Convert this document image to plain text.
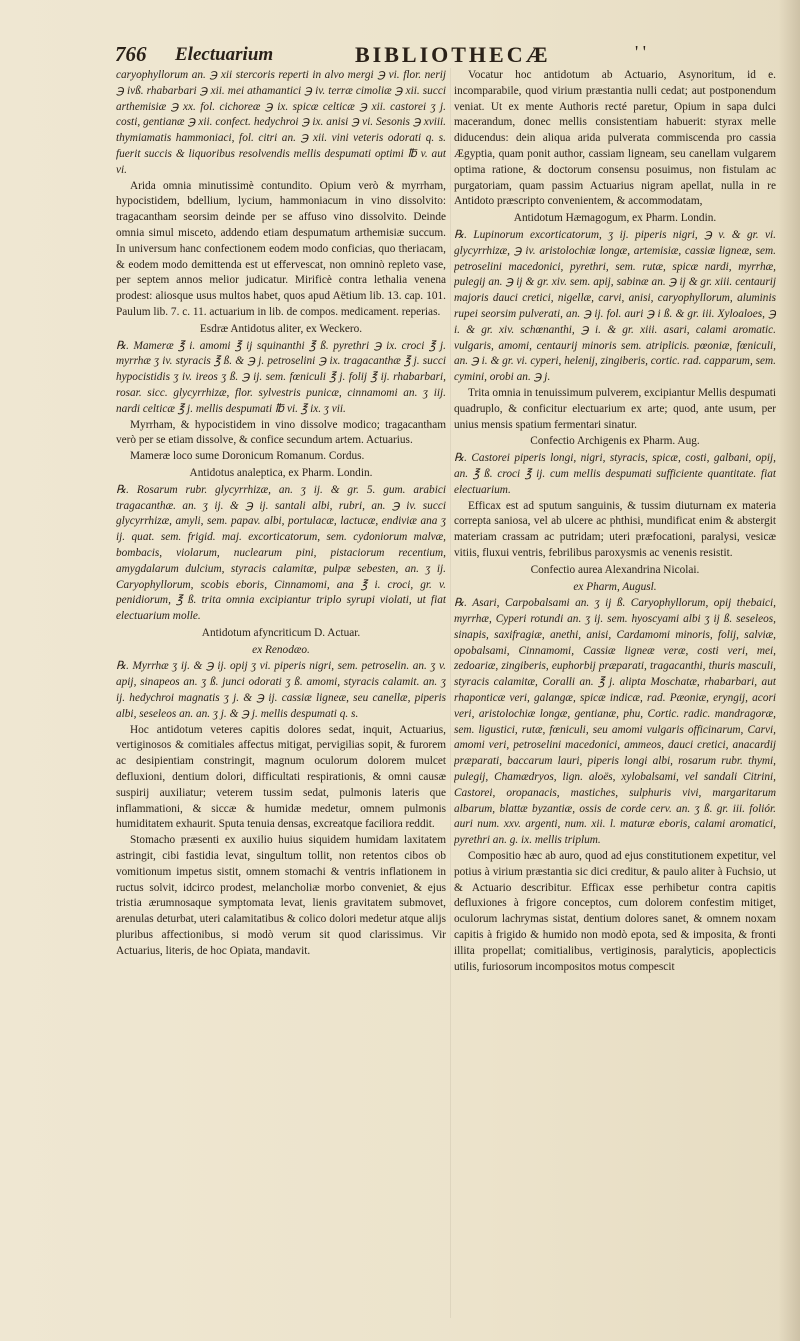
766 Electuarium	BIBLIOTHECÆ	' '

caryophyllorum an. ℈ xii stercoris reperti in alvo mergi ℈ vi. flor. nerij ℈ ivß. rhabarbari ℈ xii. mei athamantici ℈ iv. terræ cimoliæ ℈ xii. succi arthemisiæ ℈ xx. fol. cichoreæ ℈ ix. spicæ celticæ ℈ xii. castorei ʒ j. costi, gentianæ ℈ xii. confect. hedychroi ℈ ix. anisi ℈ vi. Sesonis ℈ xviii. thymiamatis hammoniaci, fol. citri an. ℈ xii. vini veteris odorati q. s. fuerit succis & liquoribus resolvendis mellis despumati optimi ℔ v. aut vi.

Arida omnia minutissimè contundito. Opium verò & myrrham, hypocistidem, bdellium, lycium, hammoniacum in vino dissolvito: tragacantham seorsim deinde per se affuso vino dissolvito. Deinde omnia simul misceto, addendo etiam despumatum arthemisiæ succum. In universum hanc confectionem eodem modo conficias, quo theriacam, & eodem modo demittenda est ut effervescat, non omninò repleto vase, per septem annos melior judicatur. Mirificè contra lethalia venena prodest: aliosque usus multos habet, quos apud Aëtium lib. 13. cap. 101. Paulum lib. 7. c. 11. actuarium in lib. de compos. medicament. reperias.

Esdræ Antidotus aliter, ex Weckero.

℞. Mameræ ℥ i. amomi ℥ ij squinanthi ℥ ß. pyrethri ℈ ix. croci ℥ j. myrrhæ ʒ iv. styracis ℥ ß. & ℈ j. petroselini ℈ ix. tragacanthæ ℥ j. succi hypocistidis ʒ iv. ireos ʒ ß. ℈ ij. sem. fœniculi ℥ j. folij ℥ ij. rhabarbari, rosar. sicc. glycyrrhizæ, flor. sylvestris punicæ, cinnamomi an. ʒ iij. nardi celticæ ℥ j. mellis despumati ℔ vi. ℥ ix. ʒ vii.

Myrrham, & hypocistidem in vino dissolve modico; tragacantham verò per se etiam dissolve, & confice secundum artem. Actuarius.

Mameræ loco sume Doronicum Romanum. Cordus.

Antidotus analeptica, ex Pharm. Londin.

℞. Rosarum rubr. glycyrrhizæ, an. ʒ ij. & gr. 5. gum. arabici tragacanthæ. an. ʒ ij. & ℈ ij. santali albi, rubri, an. ℈ iv. succi glycyrrhizæ, amyli, sem. papav. albi, portulacæ, lactucæ, endiviæ ana ʒ ij. quat. sem. frigid. maj. excorticatorum, sem. cydoniorum malvæ, bombacis, violarum, nuclearum pini, pistaciorum recentium, amygdalarum dulcium, styracis calamitæ, pulpæ sebesten, an. ʒ ij. Caryophyllorum, scobis eboris, Cinnamomi, ana ℥ i. croci, gr. v. penidiorum, ℥ ß. trita omnia excipiantur triplo syrupi violati, ut fiat electuarium molle.

Antidotum afyncriticum D. Actuar.

ex Renodæo.

℞. Myrrhæ ʒ ij. & ℈ ij. opij ʒ vi. piperis nigri, sem. petroselin. an. ʒ v. apij, sinapeos an. ʒ ß. junci odorati ʒ ß. amomi, styracis calamit. an. ʒ ij. hedychroi magnatis ʒ j. & ℈ ij. cassiæ ligneæ, seu canellæ, piperis albi, seseleos an. an. ʒ j. & ℈ j. mellis despumati q. s.

Hoc antidotum veteres capitis dolores sedat, inquit, Actuarius, vertiginosos & comitiales affectus mitigat, pervigilias sopit, & furorem ac desipientiam constringit, magnum oculorum dolorem mulcet defluxioni, dentium dolori, difficultati respirationis, & omni causæ suspirij auxiliatur; veterem tussim sedat, pulmonis lateris que inflammationi, & siccæ & humidæ medetur, omnem pulmonis humiditatem exhaurit. Sputa tenuia densas, excreatque faciliora reddit.

Stomacho præsenti ex auxilio huius siquidem humidam laxitatem astringit, cibi fastidia levat, singultum tollit, non retentos cibos ob vomitionum impetus sistit, omnem stomachi & ventris inflationem in ructus solvit, idcirco prodest, melancholiæ morbo conveniet, & ejus tristia ærumnosaque symptomata levat, lienis gravitatem submovet, arenulas deturbat, uteri calamitatibus & colico dolori medetur atque alijs pluribus affectionibus, si modò verum sit quod clarissimus. Vir Actuarius, literis, de hoc Opiata, mandavit.

Vocatur hoc antidotum ab Actuario, Asynoritum, id e. incomparabile, quod virium præstantia nulli cedat; aut postponendum veniat. Ut ex mente Authoris recté paretur, Opium in sapa dulci macerandum, donec mellis consistentiam habuerit: styrax melle diducendus: dein aliqua arida pulverata commiscenda pro cassia Ægyptia, quam ponit author, cassiam ligneam, seu canellam vulgarem optima ratione, & doctorum consensu posuimus, non fistulam ac purgatoriam, quam passim Actuarius nigram apellat, nulla in re Antidoto præscripto convenientem, & accommodatam,

Antidotum Hæmagogum, ex Pharm. Londin.

℞. Lupinorum excorticatorum, ʒ ij. piperis nigri, ℈ v. & gr. vi. glycyrrhizæ, ℈ iv. aristolochiæ longæ, artemisiæ, cassiæ ligneæ, sem. petroselini macedonici, pyrethri, sem. rutæ, spicæ nardi, myrrhæ, pulegij an. ℈ ij & gr. xiv. sem. apij, sabinæ an. ℈ ij & gr. xiii. centaurij majoris dauci cretici, nigellæ, carvi, anisi, caryophyllorum, aluminis rupei seorsim pulverati, an. ℈ ij. fol. auri ℈ i ß. & gr. iii. Xyloaloes, ℈ i. & gr. xiv. schœnanthi, ℈ i. & gr. xiii. asari, calami aromatic. vulgaris, amomi, centaurij minoris sem. atriplicis. pœoniæ, fœniculi, an. ℈ i. & gr. vi. cyperi, helenij, zingiberis, cortic. rad. capparum, sem. cymini, orobi an. ℈ j.

Trita omnia in tenuissimum pulverem, excipiantur Mellis despumati quadruplo, & conficitur electuarium ex arte; quod, ante usum, per unius mensis spatium fermentari sinatur.

Confectio Archigenis ex Pharm. Aug.

℞. Castorei piperis longi, nigri, styracis, spicæ, costi, galbani, opij, an. ℥ ß. croci ℥ ij. cum mellis despumati sufficiente quantitate. fiat electuarium.

Efficax est ad sputum sanguinis, & tussim diuturnam ex materia correpta saniosa, vel ab ulcere ac phthisi, mundificat enim & abstergit materiam crassam ac putridam; uteri præfocationi, paralysi, vesicæ vitiis, fluxui ventris, febrilibus paroxysmis ac venenis resistit.

Confectio aurea Alexandrina Nicolai.

ex Pharm, Augusl.

℞. Asari, Carpobalsami an. ʒ ij ß. Caryophyllorum, opij thebaici, myrrhæ, Cyperi rotundi an. ʒ ij. sem. hyoscyami albi ʒ ij ß. seseleos, sinapis, saxifragiæ, anethi, anisi, Cardamomi minoris, folij, salviæ, opobalsami, Cinnamomi, Cassiæ ligneæ veræ, costi veri, mei, zedoariæ, zingiberis, euphorbij præparati, tragacanthi, thuris masculi, styracis calamitæ, Coralli an. ℥ j. alipta Moschatæ, rhabarbari, aut rhaponticæ veri, galangæ, spicæ indicæ, rad. Pæoniæ, eryngij, acori veri, aristolochiæ longæ, gentianæ, phu, Cortic. radic. mandragoræ, sem. ligustici, rutæ, fœniculi, seu amomi vulgaris officinarum, Carvi, amomi veri, petroselini macedonici, ammeos, dauci cretici, anacardij præparati, baccarum lauri, piperis longi albi, rosarum rubr. thymi, pulegij, Chamædryos, lign. aloës, xylobalsami, vel sandali Citrini, Castorei, oropanacis, mastiches, sulphuris vivi, margaritarum albarum, blattæ byzantiæ, ossis de corde cerv. an. ʒ ß. gr. iii. foliór. auri num. xxv. argenti, num. xii. l. maturæ eboris, calami aromatici, pyrethri an. g. ix. mellis triplum.

Compositio hæc ab auro, quod ad ejus constitutionem expetitur, vel potius à virium præstantia sic dici creditur, & paulo aliter à Fuchsio, ut & Actuario describitur. Efficax esse perhibetur contra capitis defluxiones à frigore conceptos, cum dolorem confestim mitiget, oculorum lachrymas sistat, dentium dolores sanet, & omnem noxam capitis à frigido & humido non modò epota, sed & imposita, & fronti illita propellat; comitialibus, vertiginosis, paralyticis, apoplecticis utilis, furiosorum incompositos motus compescit
